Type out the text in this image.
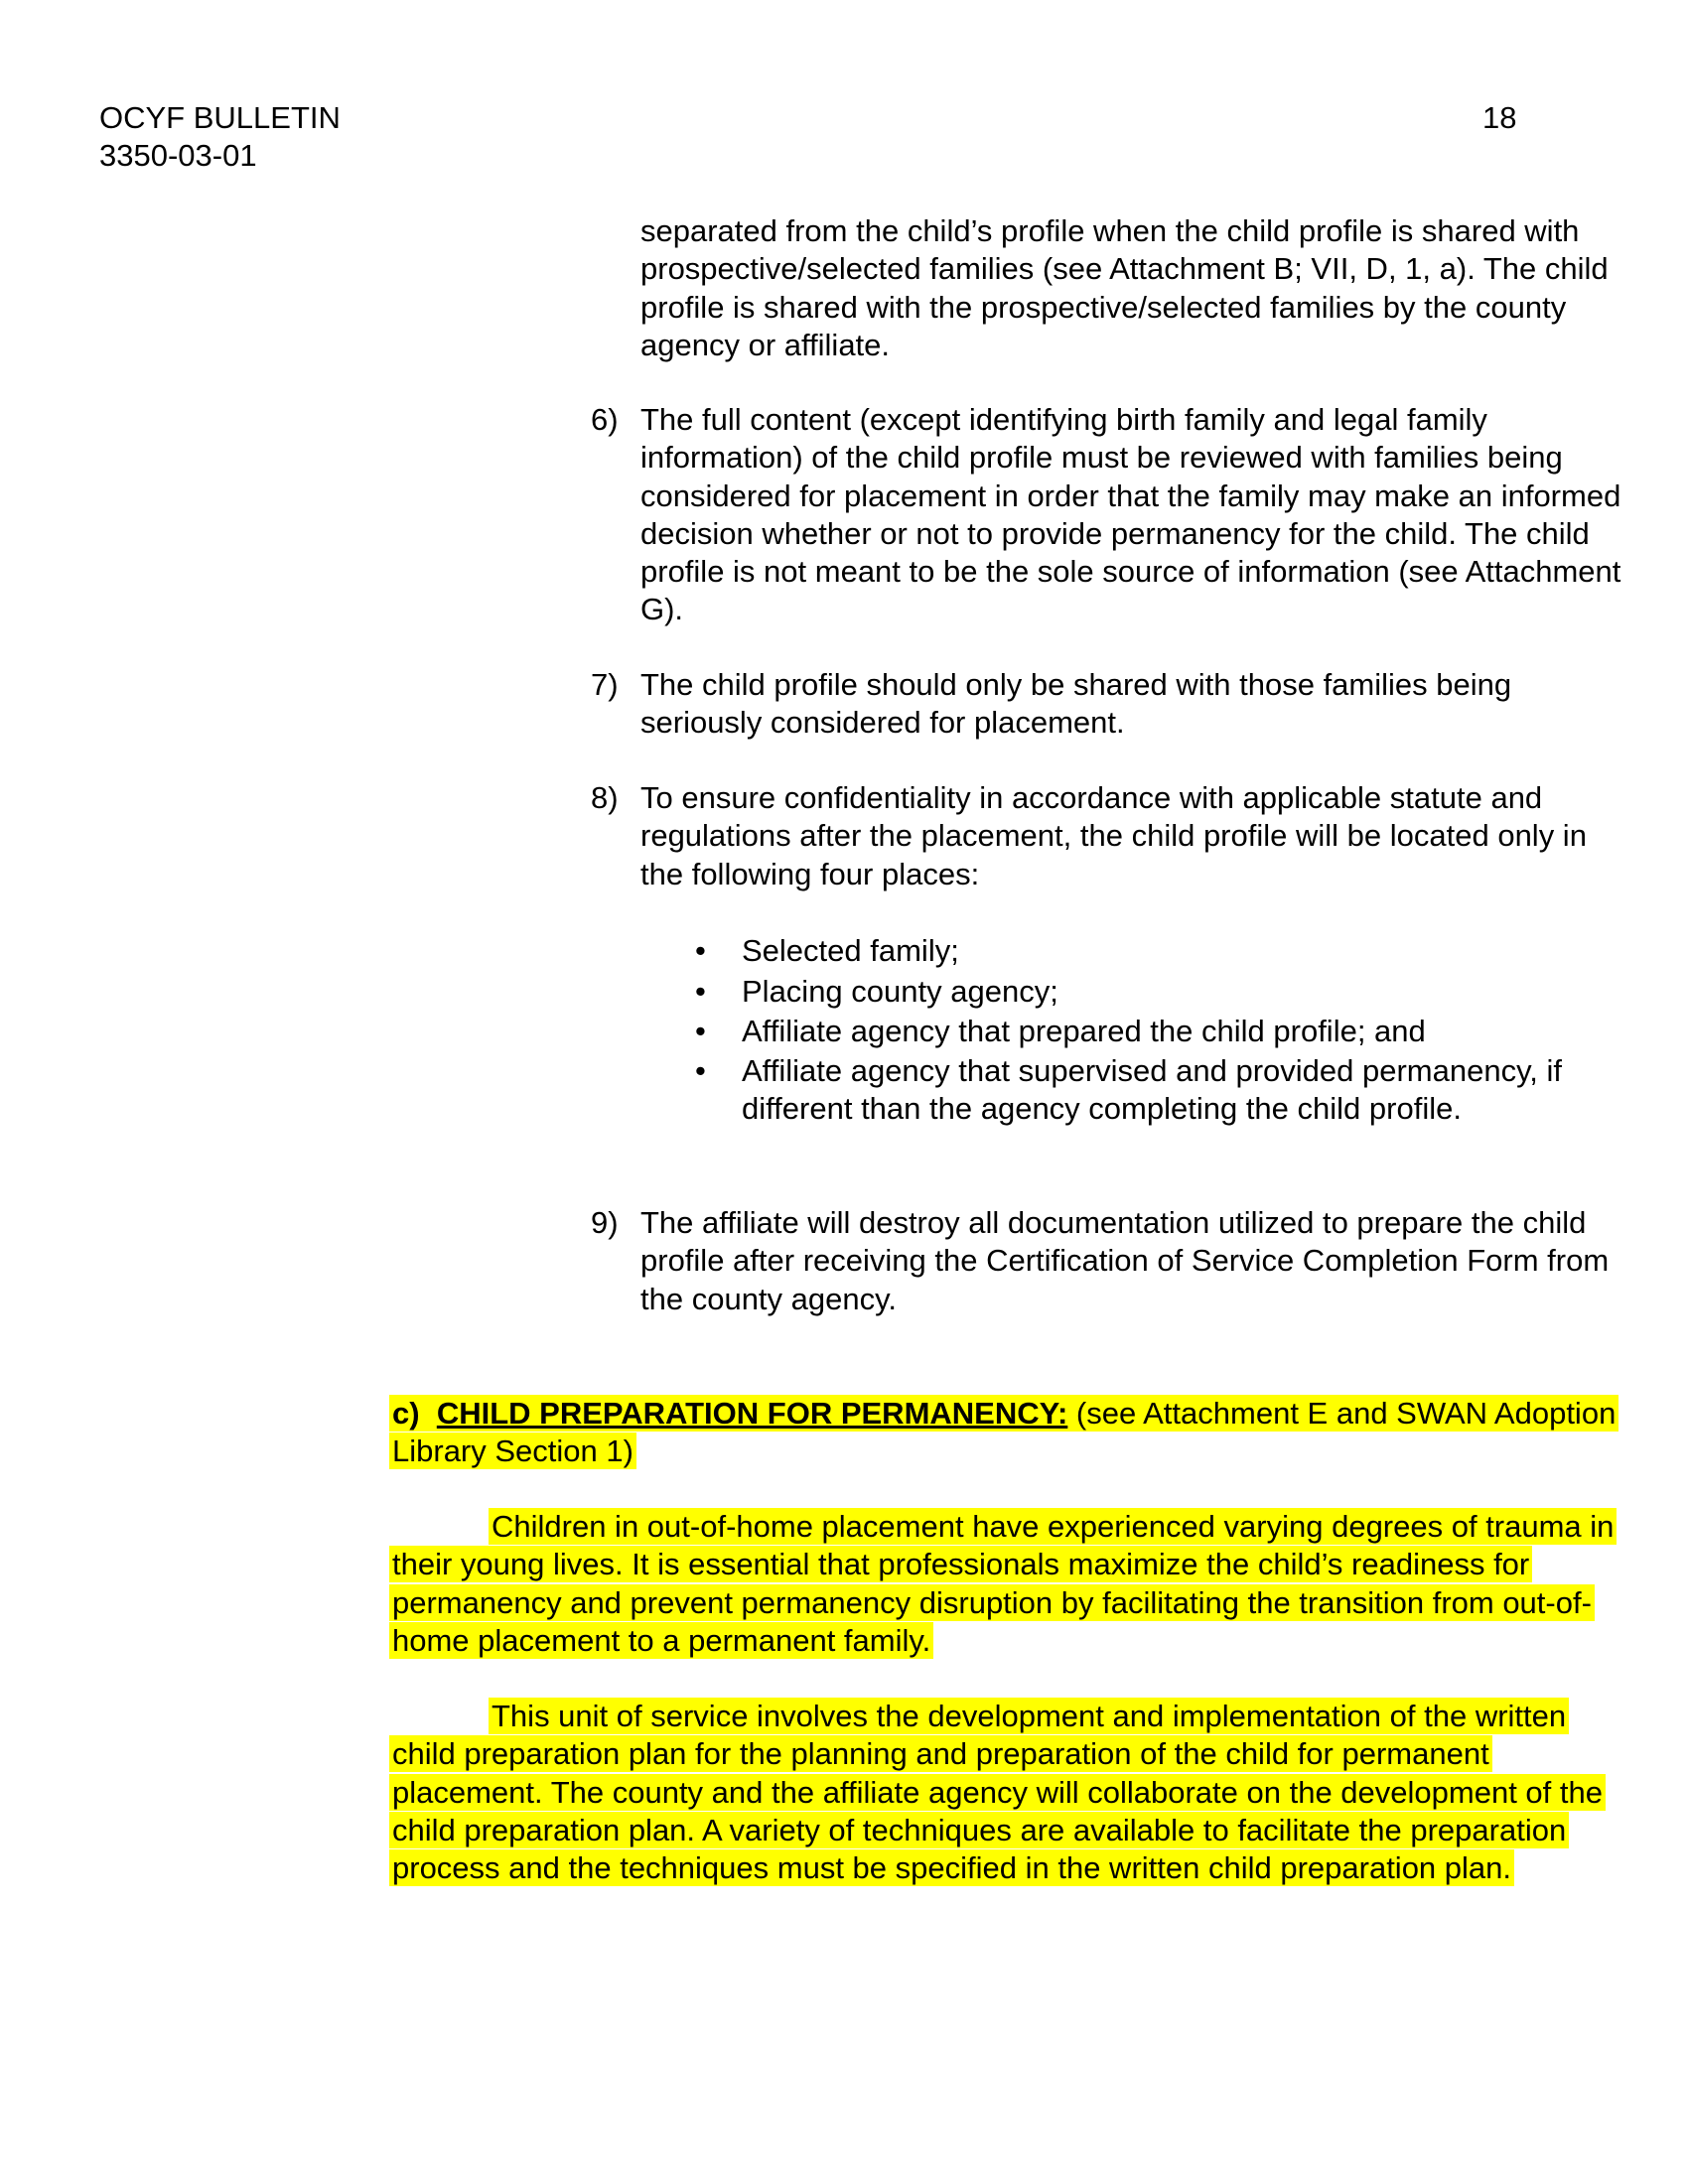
OCYF BULLETIN
3350-03-01
18
separated from the child’s profile when the child profile is shared with prospective/selected families (see Attachment B; VII, D, 1, a). The child profile is shared with the prospective/selected families by the county agency or affiliate.
6) The full content (except identifying birth family and legal family information) of the child profile must be reviewed with families being considered for placement in order that the family may make an informed decision whether or not to provide permanency for the child. The child profile is not meant to be the sole source of information (see Attachment G).
7) The child profile should only be shared with those families being seriously considered for placement.
8) To ensure confidentiality in accordance with applicable statute and regulations after the placement, the child profile will be located only in the following four places:
• Selected family;
• Placing county agency;
• Affiliate agency that prepared the child profile; and
• Affiliate agency that supervised and provided permanency, if different than the agency completing the child profile.
9) The affiliate will destroy all documentation utilized to prepare the child profile after receiving the Certification of Service Completion Form from the county agency.
c) CHILD PREPARATION FOR PERMANENCY: (see Attachment E and SWAN Adoption Library Section 1)
Children in out-of-home placement have experienced varying degrees of trauma in their young lives. It is essential that professionals maximize the child’s readiness for permanency and prevent permanency disruption by facilitating the transition from out-of-home placement to a permanent family.
This unit of service involves the development and implementation of the written child preparation plan for the planning and preparation of the child for permanent placement. The county and the affiliate agency will collaborate on the development of the child preparation plan. A variety of techniques are available to facilitate the preparation process and the techniques must be specified in the written child preparation plan.
